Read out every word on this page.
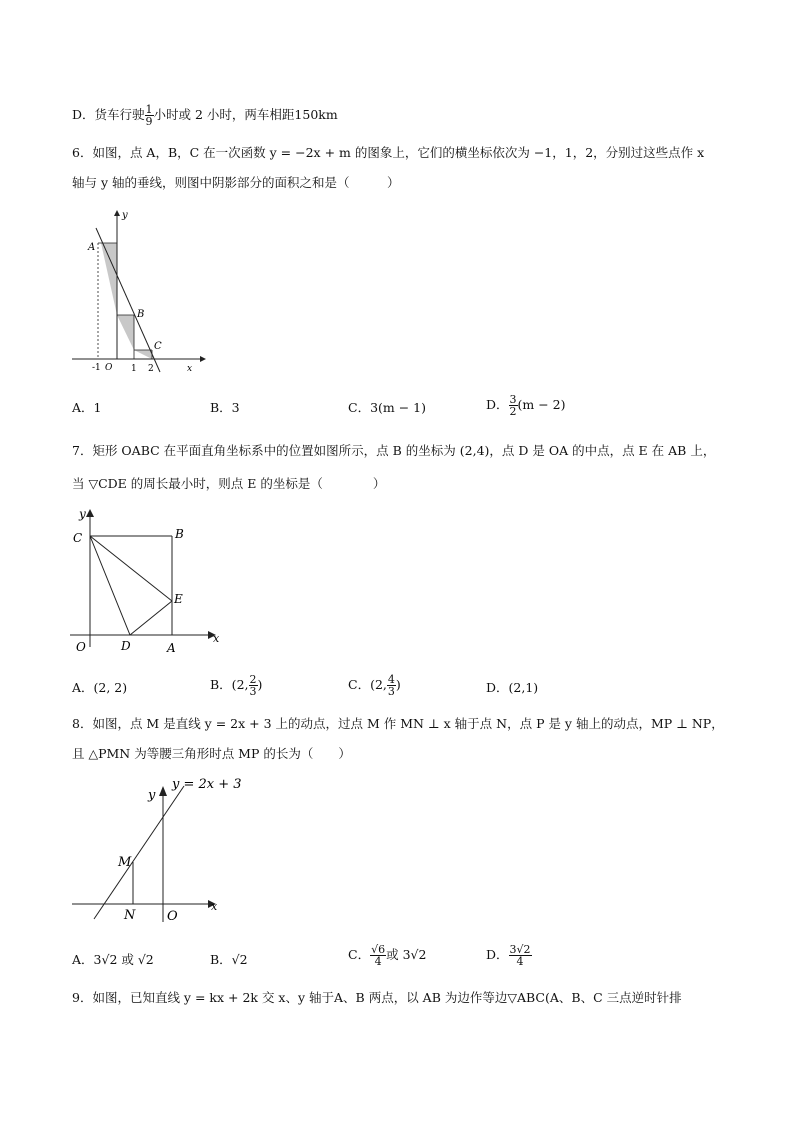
D．货车行驶 $\frac{1}{9}$ 小时或 2 小时，两车相距150km
6．如图，点 A，B，C 在一次函数 y = −2x + m 的图象上，它们的横坐标依次为 −1，1，2，分别过这些点作 x
轴与 y 轴的垂线，则图中阴影部分的面积之和是（　　　）
y
A
B
C
-1 O 1 2	x
A．1	B．3	C．3(m − 1)	D． $\frac{3}{2} (m - 2)$
7．矩形 OABC 在平面直角坐标系中的位置如图所示，点 B 的坐标为 (2,4)，点 D 是 OA 的中点，点 E 在 AB 上，
当 ▽CDE 的周长最小时，则点 E 的坐标是（　　　　）
y
C	B
E
O	D	A
x
A．(2, 2)	B．(2, $\frac{2}{3}$ )	C．(2, $\frac{4}{3}$ )	D．(2,1)
8．如图，点 M 是直线 y = 2x + 3 上的动点，过点 M 作 MN ⊥ x 轴于点 N，点 P 是 y 轴上的动点，MP ⊥ NP，
且 △PMN 为等腰三角形时点 MP 的长为（　　）
y = 2x + 3
y
M
N O
x
A．3√2 或 √2	B．√2	C． $\frac{√6}{4}$ 或 3√2	D． $\frac{3√2}{4}$
9．如图，已知直线 y = kx + 2k 交 x、y 轴于A、B 两点，以 AB 为边作等边▽ABC(A、B、C 三点逆时针排
